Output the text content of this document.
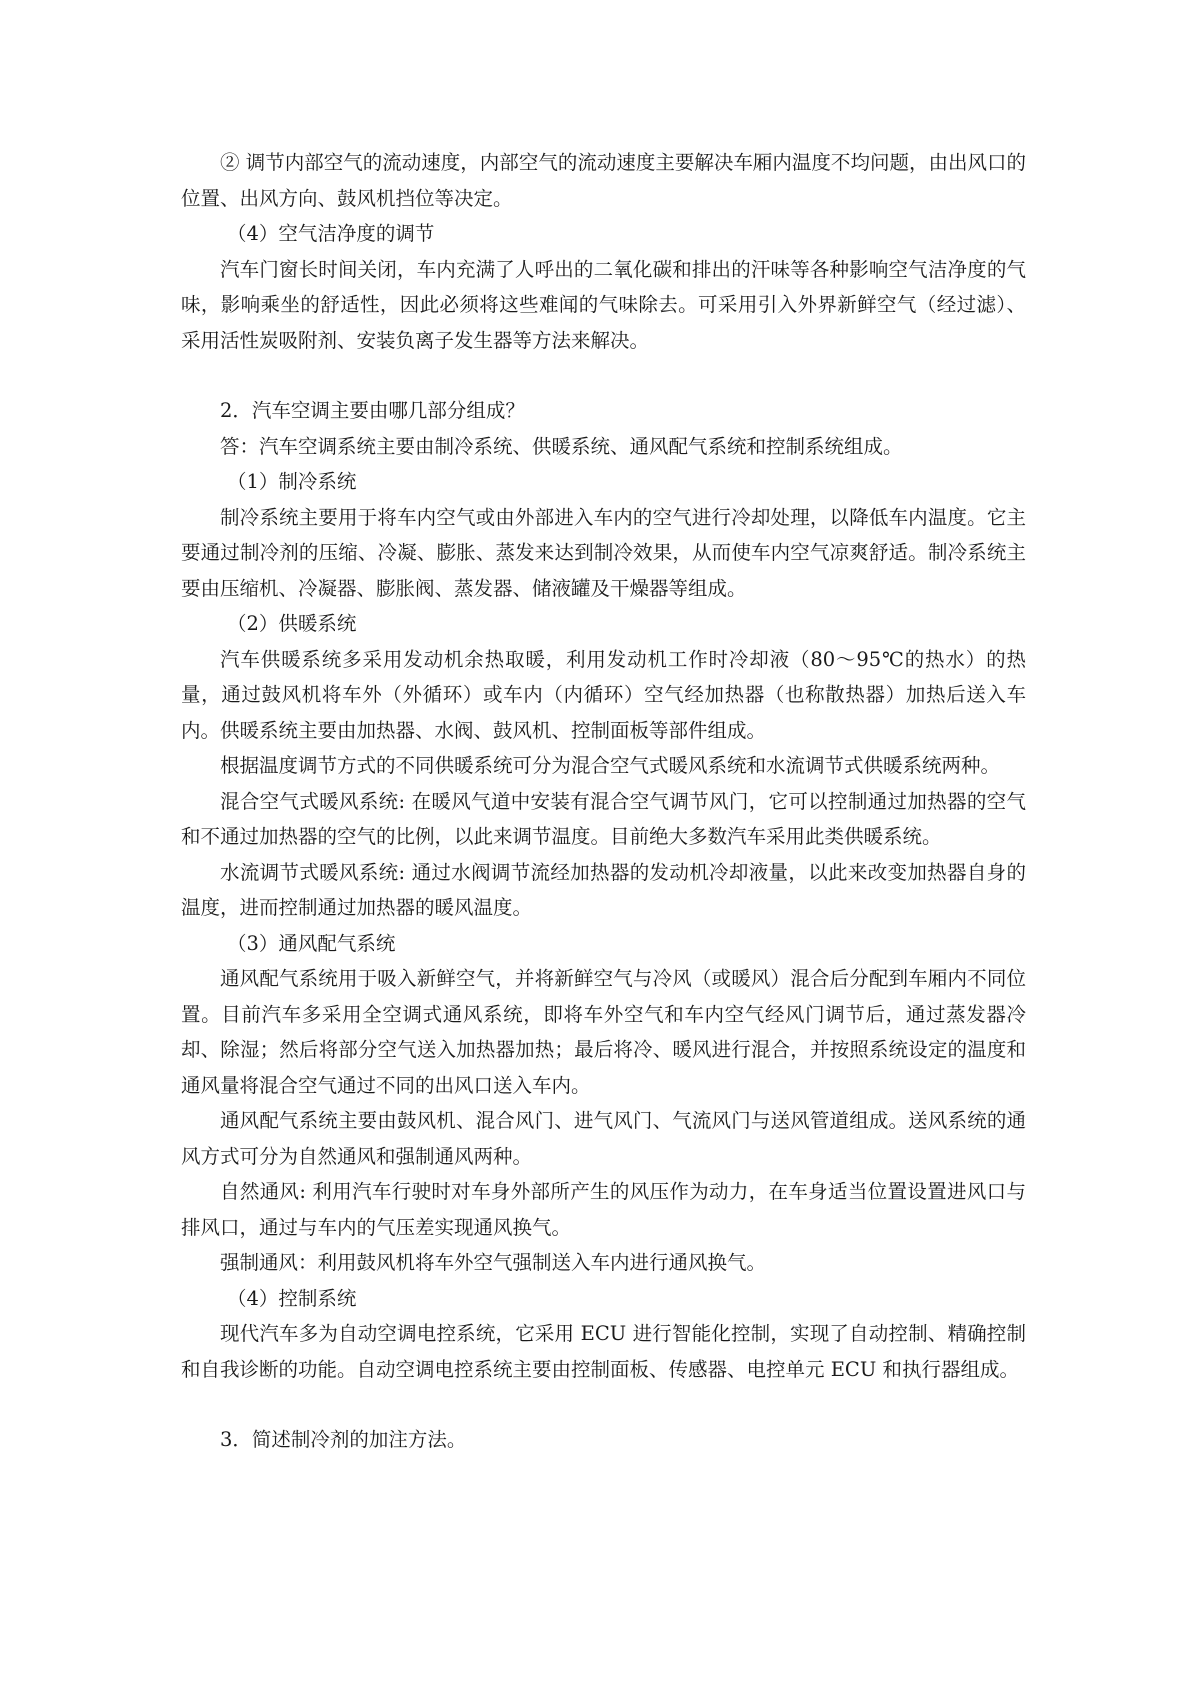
② 调节内部空气的流动速度，内部空气的流动速度主要解决车厢内温度不均问题，由出风口的位置、出风方向、鼓风机挡位等决定。

（4）空气洁净度的调节

汽车门窗长时间关闭，车内充满了人呼出的二氧化碳和排出的汗味等各种影响空气洁净度的气味，影响乘坐的舒适性，因此必须将这些难闻的气味除去。可采用引入外界新鲜空气（经过滤）、采用活性炭吸附剂、安装负离子发生器等方法来解决。

2．汽车空调主要由哪几部分组成？

答：汽车空调系统主要由制冷系统、供暖系统、通风配气系统和控制系统组成。

（1）制冷系统

制冷系统主要用于将车内空气或由外部进入车内的空气进行冷却处理，以降低车内温度。它主要通过制冷剂的压缩、冷凝、膨胀、蒸发来达到制冷效果，从而使车内空气凉爽舒适。制冷系统主要由压缩机、冷凝器、膨胀阀、蒸发器、储液罐及干燥器等组成。

（2）供暖系统

汽车供暖系统多采用发动机余热取暖，利用发动机工作时冷却液（80～95℃的热水）的热量，通过鼓风机将车外（外循环）或车内（内循环）空气经加热器（也称散热器）加热后送入车内。供暖系统主要由加热器、水阀、鼓风机、控制面板等部件组成。

根据温度调节方式的不同供暖系统可分为混合空气式暖风系统和水流调节式供暖系统两种。

混合空气式暖风系统: 在暖风气道中安装有混合空气调节风门，它可以控制通过加热器的空气和不通过加热器的空气的比例，以此来调节温度。目前绝大多数汽车采用此类供暖系统。

水流调节式暖风系统: 通过水阀调节流经加热器的发动机冷却液量，以此来改变加热器自身的温度，进而控制通过加热器的暖风温度。

（3）通风配气系统

通风配气系统用于吸入新鲜空气，并将新鲜空气与冷风（或暖风）混合后分配到车厢内不同位置。目前汽车多采用全空调式通风系统，即将车外空气和车内空气经风门调节后，通过蒸发器冷却、除湿；然后将部分空气送入加热器加热；最后将冷、暖风进行混合，并按照系统设定的温度和通风量将混合空气通过不同的出风口送入车内。

通风配气系统主要由鼓风机、混合风门、进气风门、气流风门与送风管道组成。送风系统的通风方式可分为自然通风和强制通风两种。

自然通风: 利用汽车行驶时对车身外部所产生的风压作为动力，在车身适当位置设置进风口与排风口，通过与车内的气压差实现通风换气。

强制通风：利用鼓风机将车外空气强制送入车内进行通风换气。

（4）控制系统

现代汽车多为自动空调电控系统，它采用 ECU 进行智能化控制，实现了自动控制、精确控制和自我诊断的功能。自动空调电控系统主要由控制面板、传感器、电控单元 ECU 和执行器组成。

3．简述制冷剂的加注方法。
